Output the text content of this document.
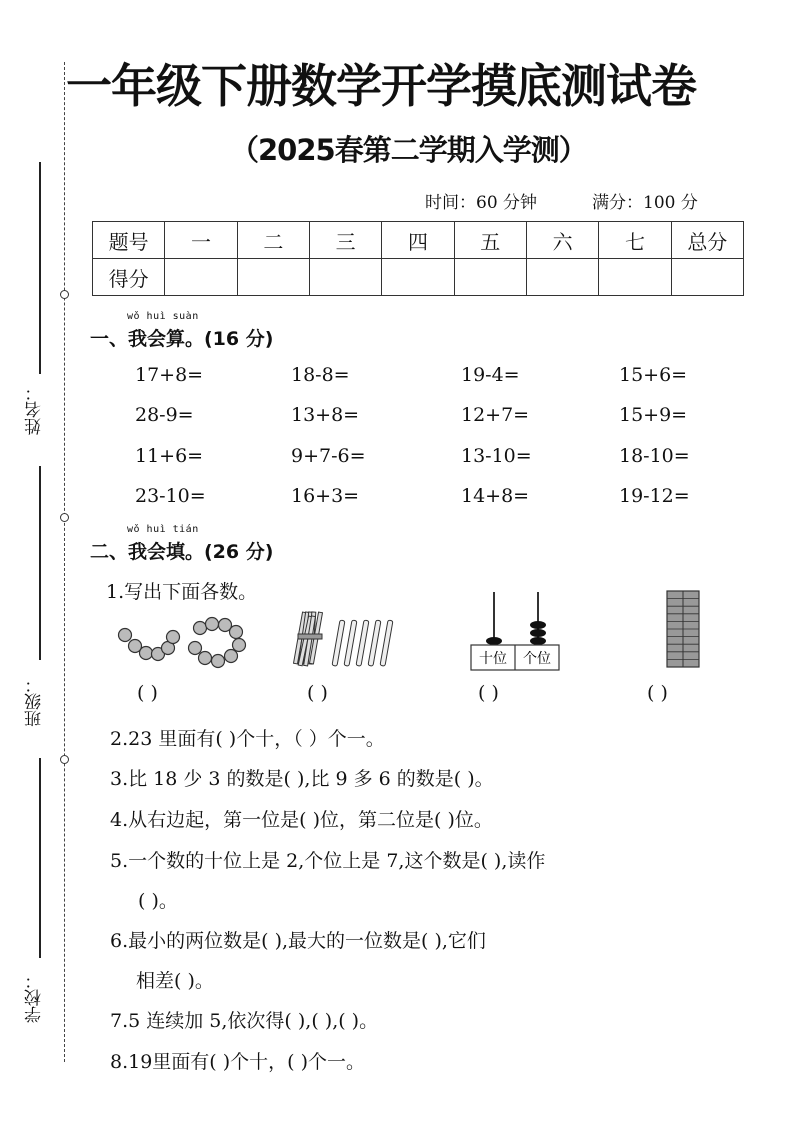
姓名：
班级：
学校：
一年级下册数学开学摸底测试卷
（2025春第二学期入学测）
时间：60 分钟	满分：100 分
题号	一	二	三	四	五	六	七	总分
得分								
wǒ huì suàn
一、我会算。(16 分)
17+8=	18-8=	19-4=	15+6=
28-9=	13+8=	12+7=	15+9=
11+6=	9+7-6=	13-10=	18-10=
23-10=	16+3=	14+8=	19-12=
wǒ huì tián
二、我会填。(26 分)
1.写出下面各数。
十位 个位
( )	( )	( )	( )
2.23 里面有( )个十，（ ）个一。
3.比 18 少 3 的数是( ),比 9 多 6 的数是( )。
4.从右边起，第一位是( )位，第二位是( )位。
5.一个数的十位上是 2,个位上是 7,这个数是( ),读作
( )。
6.最小的两位数是( ),最大的一位数是( ),它们
相差( )。
7.5 连续加 5,依次得( ),( ),( )。
8.19里面有( )个十，( )个一。
